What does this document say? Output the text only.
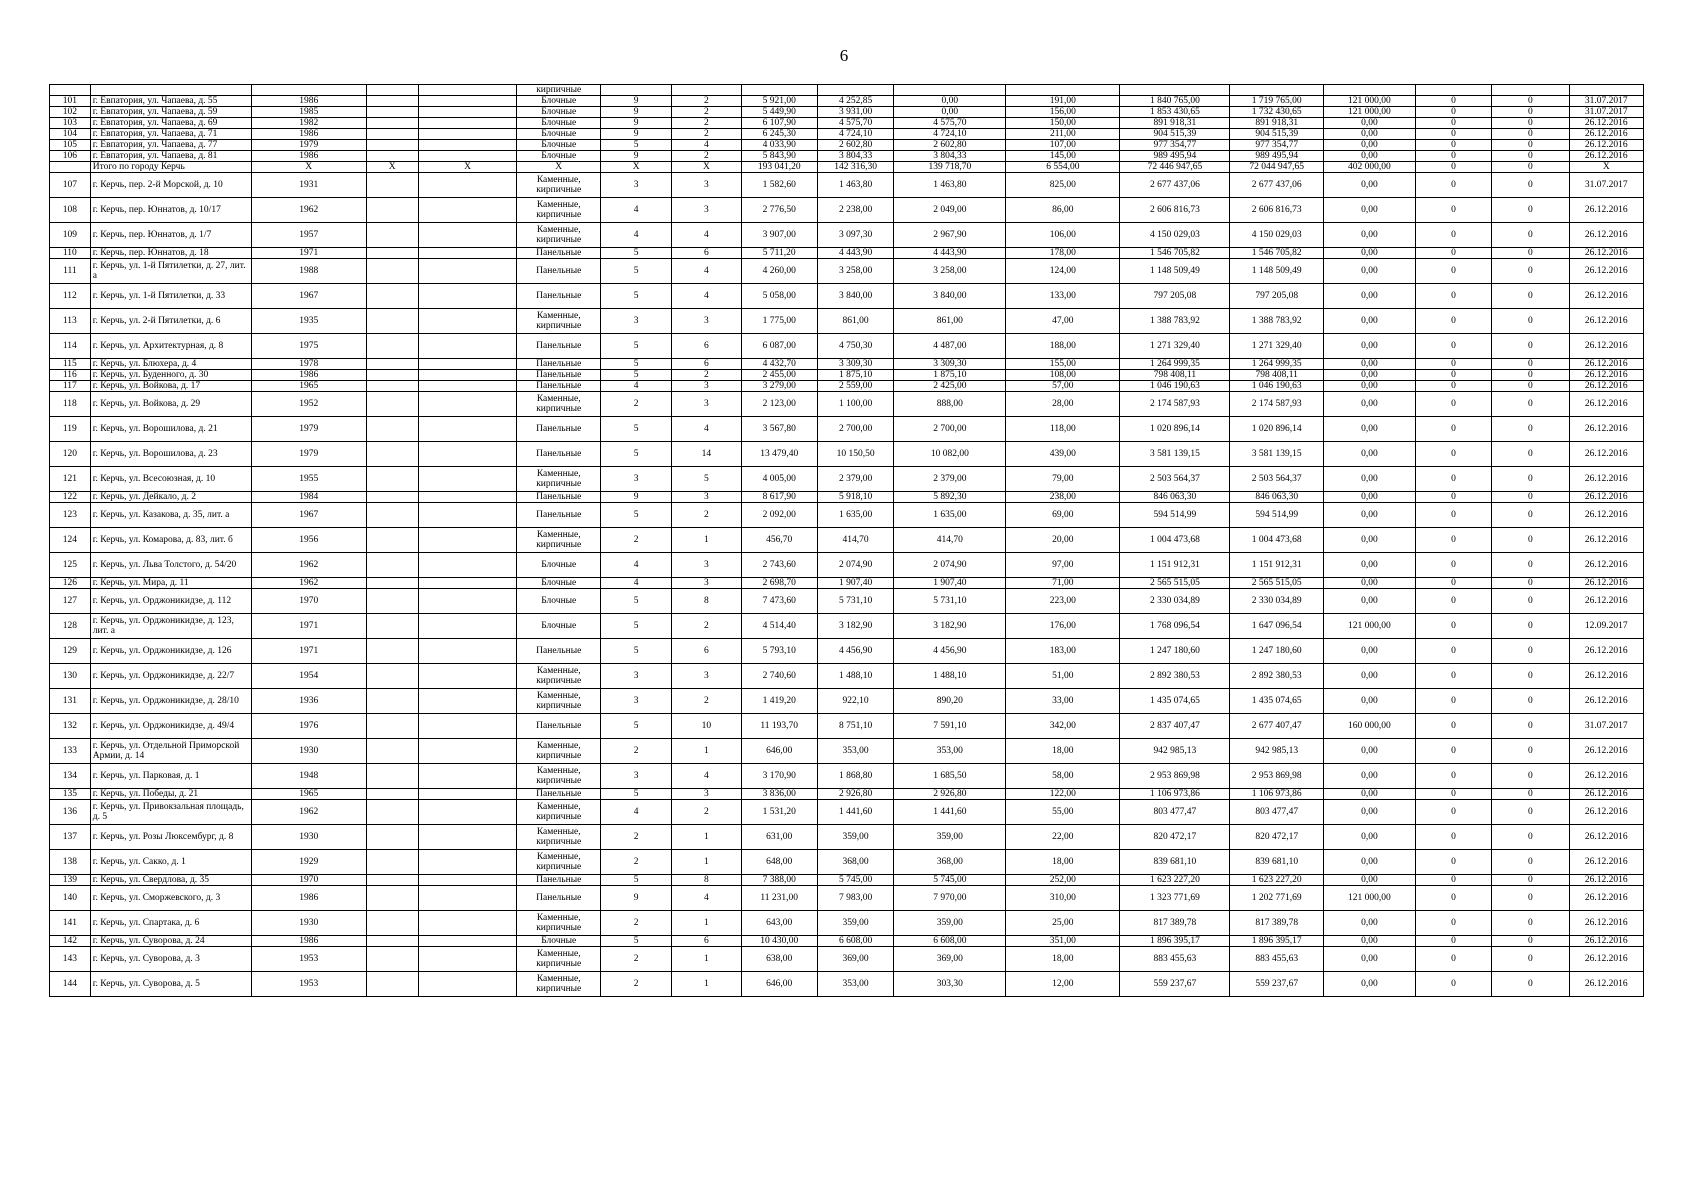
6
					кирпичные												
101	г. Евпатория, ул. Чапаева, д. 55	1986			Блочные	9	2	5 921,00	4 252,85	0,00	191,00	1 840 765,00	1 719 765,00	121 000,00	0	0	31.07.2017
102	г. Евпатория, ул. Чапаева, д. 59	1985			Блочные	9	2	5 449,90	3 931,00	0,00	156,00	1 853 430,65	1 732 430,65	121 000,00	0	0	31.07.2017
103	г. Евпатория, ул. Чапаева, д. 69	1982			Блочные	9	2	6 107,90	4 575,70	4 575,70	150,00	891 918,31	891 918,31	0,00	0	0	26.12.2016
104	г. Евпатория, ул. Чапаева, д. 71	1986			Блочные	9	2	6 245,30	4 724,10	4 724,10	211,00	904 515,39	904 515,39	0,00	0	0	26.12.2016
105	г. Евпатория, ул. Чапаева, д. 77	1979			Блочные	5	4	4 033,90	2 602,80	2 602,80	107,00	977 354,77	977 354,77	0,00	0	0	26.12.2016
106	г. Евпатория, ул. Чапаева, д. 81	1986			Блочные	9	2	5 843,90	3 804,33	3 804,33	145,00	989 495,94	989 495,94	0,00	0	0	26.12.2016
	Итого по городу Керчь	X	X	X	X	X	X	193 041,20	142 316,30	139 718,70	6 554,00	72 446 947,65	72 044 947,65	402 000,00	0	0	X
107	г. Керчь, пер. 2-й Морской, д. 10	1931			Каменные, кирпичные	3	3	1 582,60	1 463,80	1 463,80	825,00	2 677 437,06	2 677 437,06	0,00	0	0	31.07.2017
108	г. Керчь, пер. Юннатов, д. 10/17	1962			Каменные, кирпичные	4	3	2 776,50	2 238,00	2 049,00	86,00	2 606 816,73	2 606 816,73	0,00	0	0	26.12.2016
109	г. Керчь, пер. Юннатов, д. 1/7	1957			Каменные, кирпичные	4	4	3 907,00	3 097,30	2 967,90	106,00	4 150 029,03	4 150 029,03	0,00	0	0	26.12.2016
110	г. Керчь, пер. Юннатов, д. 18	1971			Панельные	5	6	5 711,20	4 443,90	4 443,90	178,00	1 546 705,82	1 546 705,82	0,00	0	0	26.12.2016
111	г. Керчь, ул. 1-й Пятилетки, д. 27, лит. а	1988			Панельные	5	4	4 260,00	3 258,00	3 258,00	124,00	1 148 509,49	1 148 509,49	0,00	0	0	26.12.2016
112	г. Керчь, ул. 1-й Пятилетки, д. 33	1967			Панельные	5	4	5 058,00	3 840,00	3 840,00	133,00	797 205,08	797 205,08	0,00	0	0	26.12.2016
113	г. Керчь, ул. 2-й Пятилетки, д. 6	1935			Каменные, кирпичные	3	3	1 775,00	861,00	861,00	47,00	1 388 783,92	1 388 783,92	0,00	0	0	26.12.2016
114	г. Керчь, ул. Архитектурная, д. 8	1975			Панельные	5	6	6 087,00	4 750,30	4 487,00	188,00	1 271 329,40	1 271 329,40	0,00	0	0	26.12.2016
115	г. Керчь, ул. Блюхера, д. 4	1978			Панельные	5	6	4 432,70	3 309,30	3 309,30	155,00	1 264 999,35	1 264 999,35	0,00	0	0	26.12.2016
116	г. Керчь, ул. Буденного, д. 30	1986			Панельные	5	2	2 455,00	1 875,10	1 875,10	108,00	798 408,11	798 408,11	0,00	0	0	26.12.2016
117	г. Керчь, ул. Войкова, д. 17	1965			Панельные	4	3	3 279,00	2 559,00	2 425,00	57,00	1 046 190,63	1 046 190,63	0,00	0	0	26.12.2016
118	г. Керчь, ул. Войкова, д. 29	1952			Каменные, кирпичные	2	3	2 123,00	1 100,00	888,00	28,00	2 174 587,93	2 174 587,93	0,00	0	0	26.12.2016
119	г. Керчь, ул. Ворошилова, д. 21	1979			Панельные	5	4	3 567,80	2 700,00	2 700,00	118,00	1 020 896,14	1 020 896,14	0,00	0	0	26.12.2016
120	г. Керчь, ул. Ворошилова, д. 23	1979			Панельные	5	14	13 479,40	10 150,50	10 082,00	439,00	3 581 139,15	3 581 139,15	0,00	0	0	26.12.2016
121	г. Керчь, ул. Всесоюзная, д. 10	1955			Каменные, кирпичные	3	5	4 005,00	2 379,00	2 379,00	79,00	2 503 564,37	2 503 564,37	0,00	0	0	26.12.2016
122	г. Керчь, ул. Дейкало, д. 2	1984			Панельные	9	3	8 617,90	5 918,10	5 892,30	238,00	846 063,30	846 063,30	0,00	0	0	26.12.2016
123	г. Керчь, ул. Казакова, д. 35, лит. а	1967			Панельные	5	2	2 092,00	1 635,00	1 635,00	69,00	594 514,99	594 514,99	0,00	0	0	26.12.2016
124	г. Керчь, ул. Комарова, д. 83, лит. б	1956			Каменные, кирпичные	2	1	456,70	414,70	414,70	20,00	1 004 473,68	1 004 473,68	0,00	0	0	26.12.2016
125	г. Керчь, ул. Льва Толстого, д. 54/20	1962			Блочные	4	3	2 743,60	2 074,90	2 074,90	97,00	1 151 912,31	1 151 912,31	0,00	0	0	26.12.2016
126	г. Керчь, ул. Мира, д. 11	1962			Блочные	4	3	2 698,70	1 907,40	1 907,40	71,00	2 565 515,05	2 565 515,05	0,00	0	0	26.12.2016
127	г. Керчь, ул. Орджоникидзе, д. 112	1970			Блочные	5	8	7 473,60	5 731,10	5 731,10	223,00	2 330 034,89	2 330 034,89	0,00	0	0	26.12.2016
128	г. Керчь, ул. Орджоникидзе, д. 123, лит. а	1971			Блочные	5	2	4 514,40	3 182,90	3 182,90	176,00	1 768 096,54	1 647 096,54	121 000,00	0	0	12.09.2017
129	г. Керчь, ул. Орджоникидзе, д. 126	1971			Панельные	5	6	5 793,10	4 456,90	4 456,90	183,00	1 247 180,60	1 247 180,60	0,00	0	0	26.12.2016
130	г. Керчь, ул. Орджоникидзе, д. 22/7	1954			Каменные, кирпичные	3	3	2 740,60	1 488,10	1 488,10	51,00	2 892 380,53	2 892 380,53	0,00	0	0	26.12.2016
131	г. Керчь, ул. Орджоникидзе, д. 28/10	1936			Каменные, кирпичные	3	2	1 419,20	922,10	890,20	33,00	1 435 074,65	1 435 074,65	0,00	0	0	26.12.2016
132	г. Керчь, ул. Орджоникидзе, д. 49/4	1976			Панельные	5	10	11 193,70	8 751,10	7 591,10	342,00	2 837 407,47	2 677 407,47	160 000,00	0	0	31.07.2017
133	г. Керчь, ул. Отдельной Приморской Армии, д. 14	1930			Каменные, кирпичные	2	1	646,00	353,00	353,00	18,00	942 985,13	942 985,13	0,00	0	0	26.12.2016
134	г. Керчь, ул. Парковая, д. 1	1948			Каменные, кирпичные	3	4	3 170,90	1 868,80	1 685,50	58,00	2 953 869,98	2 953 869,98	0,00	0	0	26.12.2016
135	г. Керчь, ул. Победы, д. 21	1965			Панельные	5	3	3 836,00	2 926,80	2 926,80	122,00	1 106 973,86	1 106 973,86	0,00	0	0	26.12.2016
136	г. Керчь, ул. Привокзальная площадь, д. 5	1962			Каменные, кирпичные	4	2	1 531,20	1 441,60	1 441,60	55,00	803 477,47	803 477,47	0,00	0	0	26.12.2016
137	г. Керчь, ул. Розы Люксембург, д. 8	1930			Каменные, кирпичные	2	1	631,00	359,00	359,00	22,00	820 472,17	820 472,17	0,00	0	0	26.12.2016
138	г. Керчь, ул. Сакко, д. 1	1929			Каменные, кирпичные	2	1	648,00	368,00	368,00	18,00	839 681,10	839 681,10	0,00	0	0	26.12.2016
139	г. Керчь, ул. Свердлова, д. 35	1970			Панельные	5	8	7 388,00	5 745,00	5 745,00	252,00	1 623 227,20	1 623 227,20	0,00	0	0	26.12.2016
140	г. Керчь, ул. Сморжевского, д. 3	1986			Панельные	9	4	11 231,00	7 983,00	7 970,00	310,00	1 323 771,69	1 202 771,69	121 000,00	0	0	26.12.2016
141	г. Керчь, ул. Спартака, д. 6	1930			Каменные, кирпичные	2	1	643,00	359,00	359,00	25,00	817 389,78	817 389,78	0,00	0	0	26.12.2016
142	г. Керчь, ул. Суворова, д. 24	1986			Блочные	5	6	10 430,00	6 608,00	6 608,00	351,00	1 896 395,17	1 896 395,17	0,00	0	0	26.12.2016
143	г. Керчь, ул. Суворова, д. 3	1953			Каменные, кирпичные	2	1	638,00	369,00	369,00	18,00	883 455,63	883 455,63	0,00	0	0	26.12.2016
144	г. Керчь, ул. Суворова, д. 5	1953			Каменные, кирпичные	2	1	646,00	353,00	303,30	12,00	559 237,67	559 237,67	0,00	0	0	26.12.2016
